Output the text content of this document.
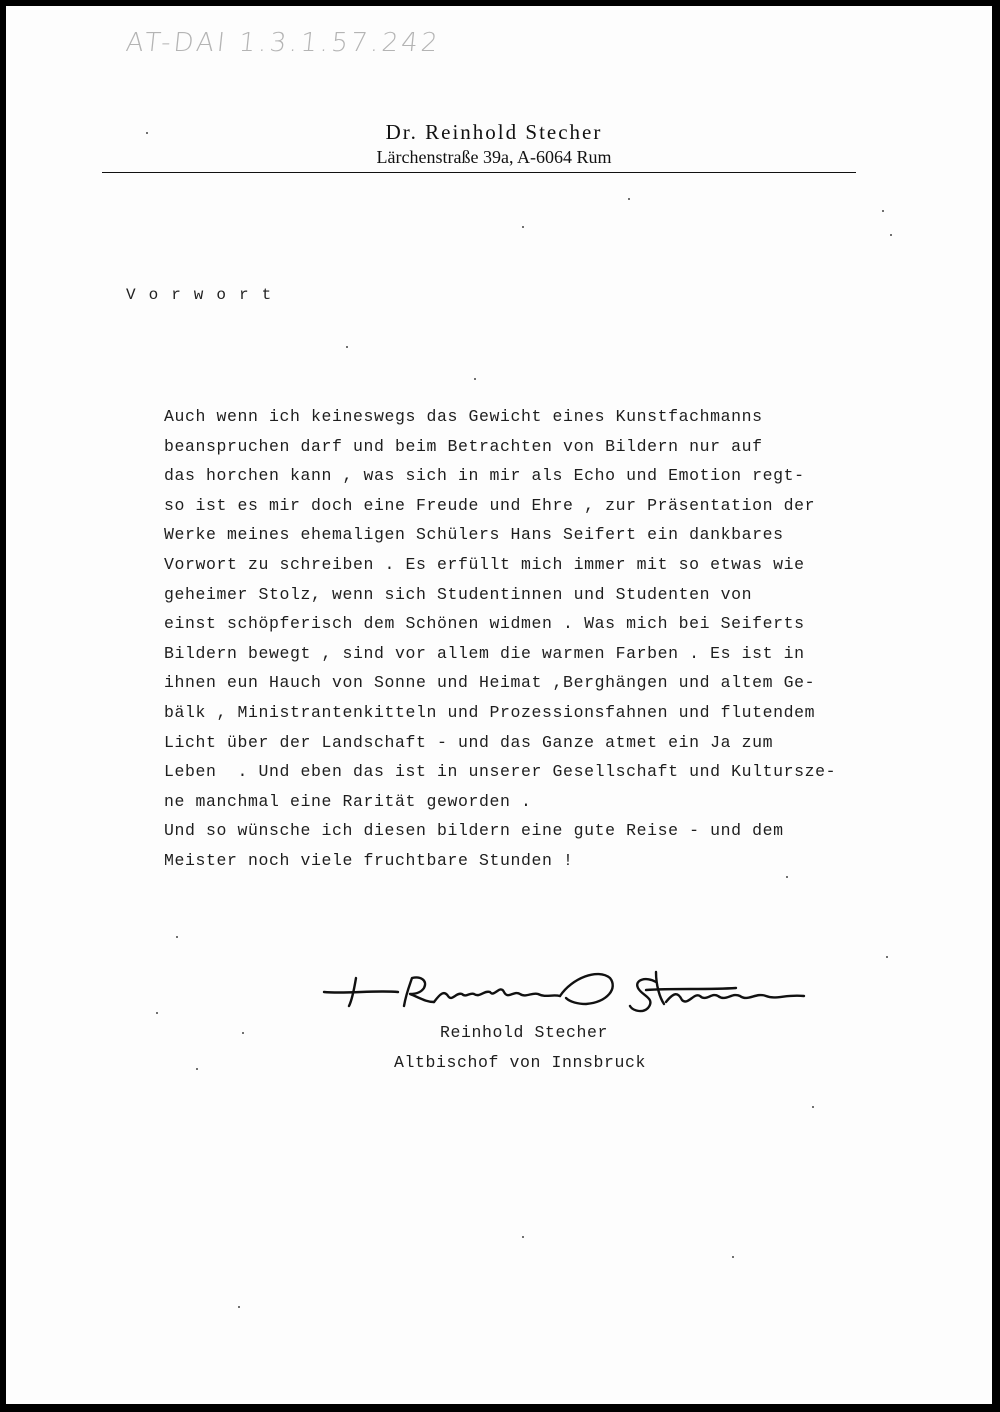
AT-DAI 1.3.1.57.242
Dr. Reinhold Stecher
Lärchenstraße 39a, A-6064 Rum
Vorwort
Auch wenn ich keineswegs das Gewicht eines Kunstfachmanns
beanspruchen darf und beim Betrachten von Bildern nur auf
das horchen kann , was sich in mir als Echo und Emotion regt-
so ist es mir doch eine Freude und Ehre , zur Präsentation der
Werke meines ehemaligen Schülers Hans Seifert ein dankbares
Vorwort zu schreiben . Es erfüllt mich immer mit so etwas wie
geheimer Stolz, wenn sich Studentinnen und Studenten von
einst schöpferisch dem Schönen widmen . Was mich bei Seiferts
Bildern bewegt , sind vor allem die warmen Farben . Es ist in
ihnen eun Hauch von Sonne und Heimat ,Berghängen und altem Ge-
bälk , Ministrantenkitteln und Prozessionsfahnen und flutendem
Licht über der Landschaft - und das Ganze atmet ein Ja zum
Leben  . Und eben das ist in unserer Gesellschaft und Kultursze-
ne manchmal eine Rarität geworden .
Und so wünsche ich diesen bildern eine gute Reise - und dem
Meister noch viele fruchtbare Stunden !
Reinhold Stecher
Altbischof von Innsbruck
